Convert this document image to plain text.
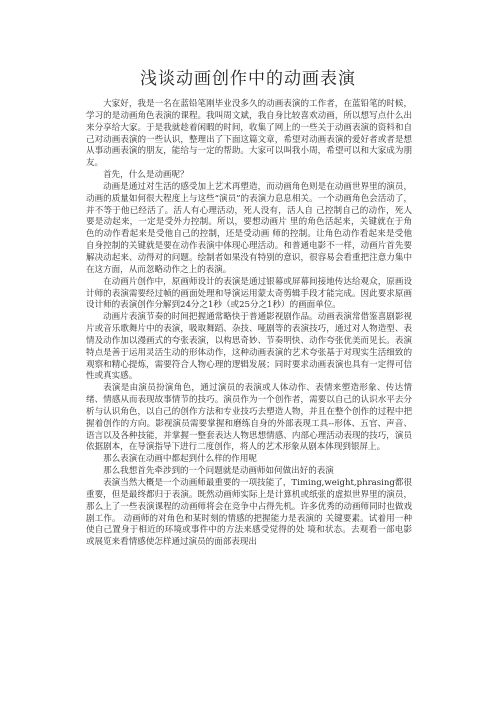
浅谈动画创作中的动画表演

大家好，我是一名在蓝铅笔刚毕业没多久的动画表演的工作者，在蓝铅笔的时候，学习的是动画角色表演的课程。我叫周文斌，我自身比较喜欢动画，所以想写点什么出来分享给大家。于是我就趁着闲暇的时间，收集了网上的一些关于动画表演的资料和自己对动画表演的一些认识，整理出了下面这篇文章，希望对动画表演的爱好者或者是想从事动画表演的朋友，能给与一定的帮助。大家可以叫我小周，希望可以和大家成为朋友。

首先，什么是动画呢？

动画是通过对生活的感受加上艺术再塑造，而动画角色则是在动画世界里的演员，动画的质量如何很大程度上与这些“演员”的表演力息息相关。一个动画角色会活动了，并不等于他已经活了。活人有心理活动，死人没有，活人自 己控制自己的动作，死人要是动起来，一定是受外力控制。所以，要想动画片 里的角色活起来，关键就在于角色的动作看起来是受他自己的控制，还是受动画 师的控制。让角色动作看起来是受他自身控制的关键就是要在动作表演中体现心理活动。和普通电影不一样，动画片首先要解决动起来、动得对的问题。绘制者如果没有特别的意识，很容易会看重把注意力集中在这方面，从而忽略动作之上的表演。

在动画片创作中，原画师设计的表演是通过银幕或屏幕间接地传达给观众，原画设计师的表演需要经过帧的画面处理和导演运用蒙太奇剪辑手段才能完成。因此要求原画设计师的表演创作分解到24分之1秒（或25分之1秒）的画面单位。

动画片表演节奏的时间把握通常略快于普通影视剧作品。动画表演常借鉴喜剧影视片或音乐歌舞片中的表演，吸取舞蹈、杂技、哑剧等的表演技巧，通过对人物造型、表情及动作加以漫画式的夸张表演，以构思奇妙、节奏明快、动作夸张优美而见长。表演特点是善于运用灵活生动的形体动作，这种动画表演的艺术夸张基于对现实生活细致的观察和精心提炼，需要符合人物心理的逻辑发展；同时要求动画表演也具有一定得可信性或真实感。

表演是由演员扮演角色，通过演员的表演或人体动作、表情来塑造形象、传达情绪、情感从而表现故事情节的技巧。演员作为一个创作者，需要以自己的认识水平去分析与认识角色，以自己的创作方法和专业技巧去塑造人物，并且在整个创作的过程中把握着创作的方向。影视演员需要掌握和磨练自身的外部表现工具--形体、五官、声音、语言以及各种技能，并掌握一整套表达人物思想情感、内部心理活动表现的技巧，演员依据剧本，在导演指导下进行二度创作，将人的艺术形象从剧本体现到银屏上。

那么表演在动画中都起到什么样的作用呢

那么我想首先牵涉到的一个问题就是动画师如何做出好的表演

表演当然大概是一个动画师最重要的一项技能了，Timing,weight,phrasing都很重要，但是最终都归于表演。既然动画师实际上是计算机或纸张的虚拟世界里的演员，那么上了一些表演课程的动画师将会在竞争中占得先机。许多优秀的动画师同时也做戏剧工作。 动画师的对角色和某时刻的情感的把握能力是表演的 关键要素。试着用一种使自己置身于相近的环境或事件中的方法来感受觉得的处 境和状态。去观看一部电影或展览来看情感使怎样通过演员的面部表现出
